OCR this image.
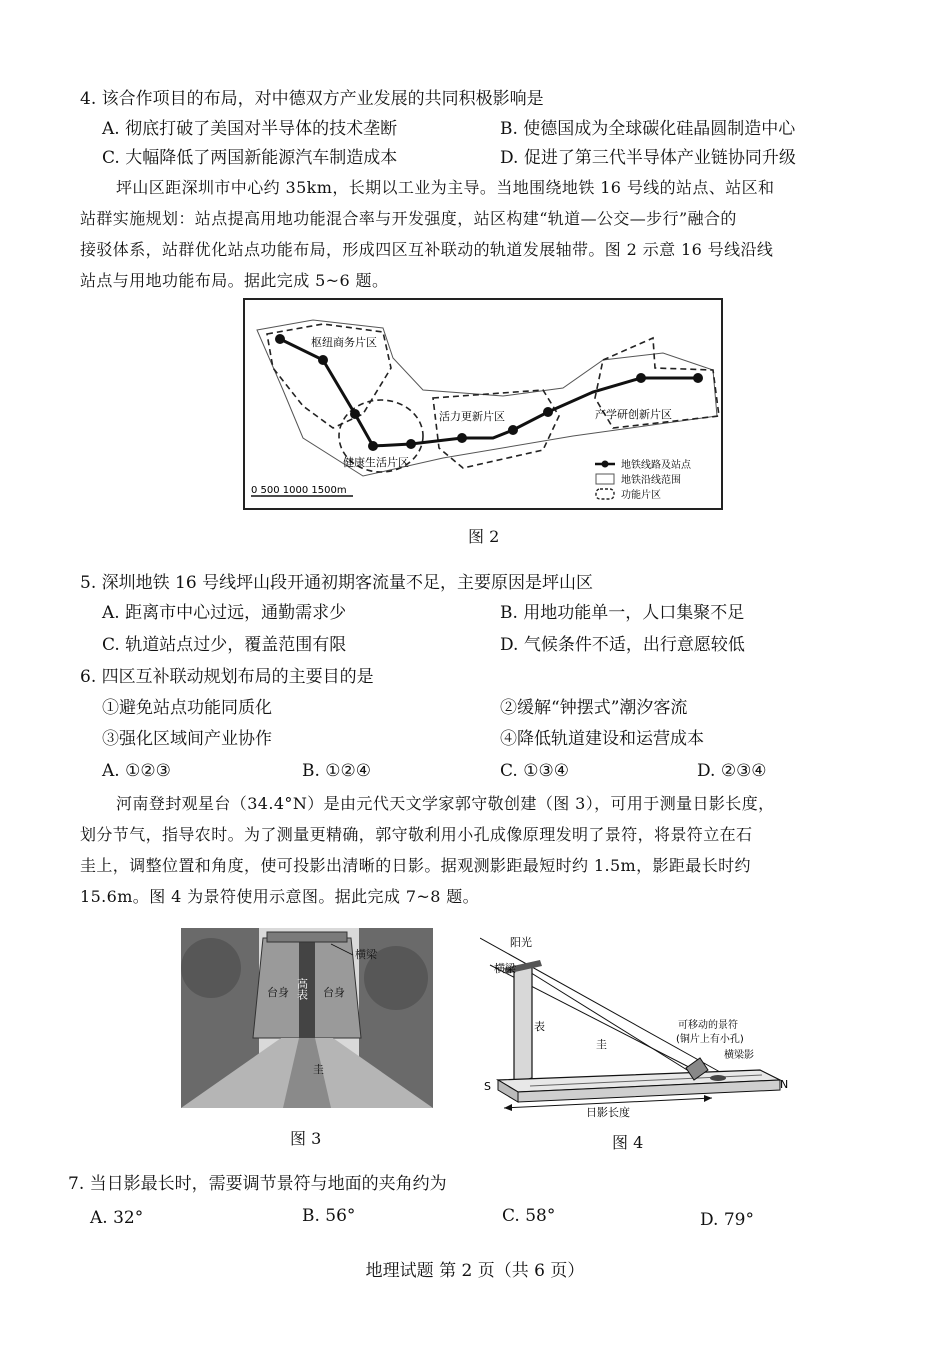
4. 该合作项目的布局，对中德双方产业发展的共同积极影响是
A. 彻底打破了美国对半导体的技术垄断	B. 使德国成为全球碳化硅晶圆制造中心
C. 大幅降低了两国新能源汽车制造成本	D. 促进了第三代半导体产业链协同升级
坪山区距深圳市中心约 35km，长期以工业为主导。当地围绕地铁 16 号线的站点、站区和
站群实施规划：站点提高用地功能混合率与开发强度，站区构建“轨道—公交—步行”融合的
接驳体系，站群优化站点功能布局，形成四区互补联动的轨道发展轴带。图 2 示意 16 号线沿线
站点与用地功能布局。据此完成 5~6 题。
枢纽商务片区
活力更新片区	产学研创新片区
健康生活片区	地铁线路及站点
地铁沿线范围
功能片区
0 500 1000 1500m
图 2
5. 深圳地铁 16 号线坪山段开通初期客流量不足，主要原因是坪山区
A. 距离市中心过远，通勤需求少	B. 用地功能单一，人口集聚不足
C. 轨道站点过少，覆盖范围有限	D. 气候条件不适，出行意愿较低
6. 四区互补联动规划布局的主要目的是
①避免站点功能同质化	②缓解“钟摆式”潮汐客流
③强化区域间产业协作	④降低轨道建设和运营成本
A. ①②③	B. ①②④	C. ①③④	D. ②③④
河南登封观星台（34.4°N）是由元代天文学家郭守敬创建（图 3），可用于测量日影长度，
划分节气，指导农时。为了测量更精确，郭守敬利用小孔成像原理发明了景符，将景符立在石
圭上，调整位置和角度，使可投影出清晰的日影。据观测影距最短时约 1.5m，影距最长时约
15.6m。图 4 为景符使用示意图。据此完成 7~8 题。
横梁
台身	台身
高表
圭
图 3
阳光
横梁
表
圭
可移动的景符
(铜片上有小孔)
横梁影
S	N
日影长度
图 4
7. 当日影最长时，需要调节景符与地面的夹角约为
A. 32°	B. 56°	C. 58°	D. 79°
地理试题 第 2 页（共 6 页）
